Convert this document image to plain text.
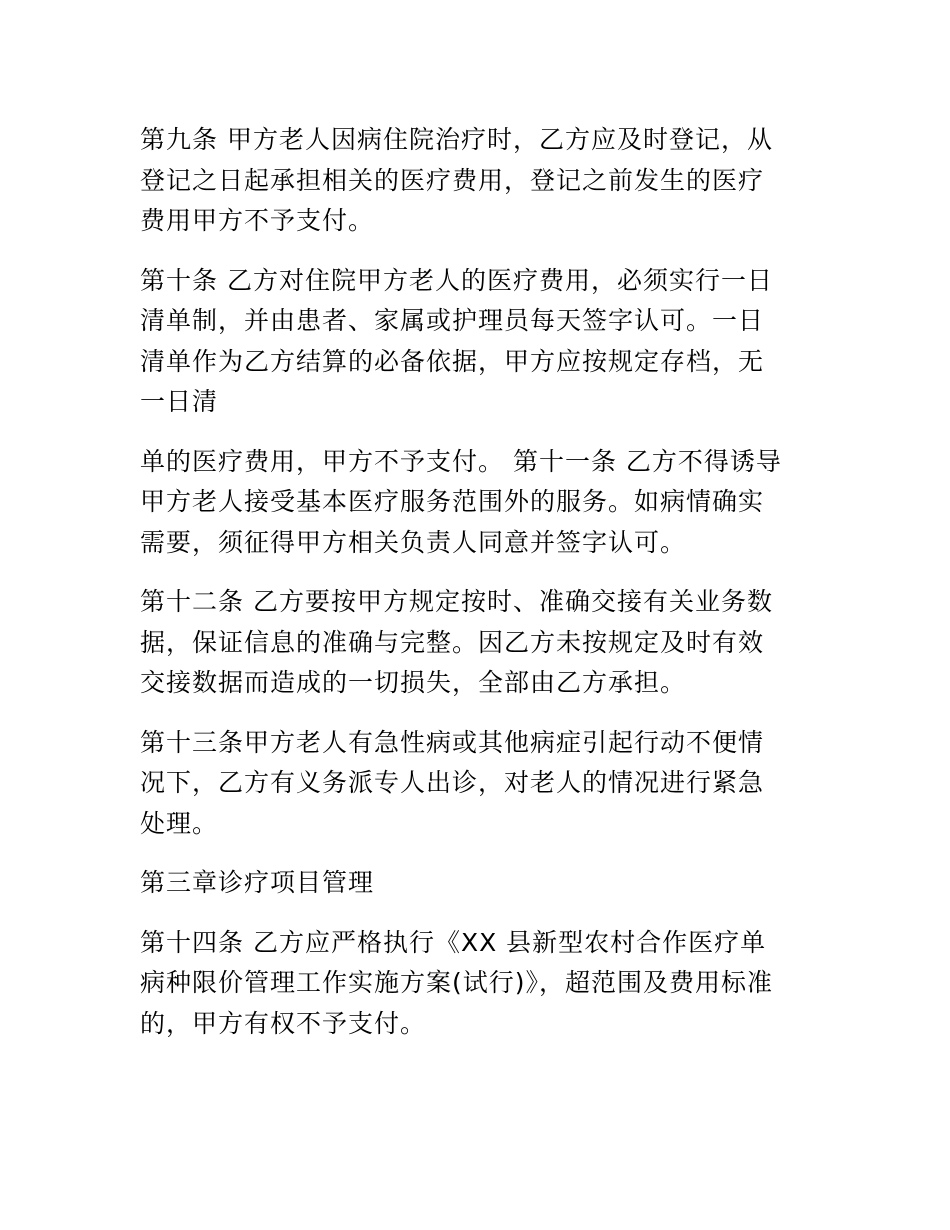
第九条 甲方老人因病住院治疗时，乙方应及时登记，从
登记之日起承担相关的医疗费用，登记之前发生的医疗
费用甲方不予支付。

第十条 乙方对住院甲方老人的医疗费用，必须实行一日
清单制，并由患者、家属或护理员每天签字认可。一日
清单作为乙方结算的必备依据，甲方应按规定存档，无
一日清

单的医疗费用，甲方不予支付。 第十一条 乙方不得诱导
甲方老人接受基本医疗服务范围外的服务。如病情确实
需要，须征得甲方相关负责人同意并签字认可。

第十二条 乙方要按甲方规定按时、准确交接有关业务数
据，保证信息的准确与完整。因乙方未按规定及时有效
交接数据而造成的一切损失，全部由乙方承担。

第十三条甲方老人有急性病或其他病症引起行动不便情
况下，乙方有义务派专人出诊，对老人的情况进行紧急
处理。

第三章诊疗项目管理

第十四条 乙方应严格执行《XX 县新型农村合作医疗单
病种限价管理工作实施方案(试行)》，超范围及费用标准
的，甲方有权不予支付。
